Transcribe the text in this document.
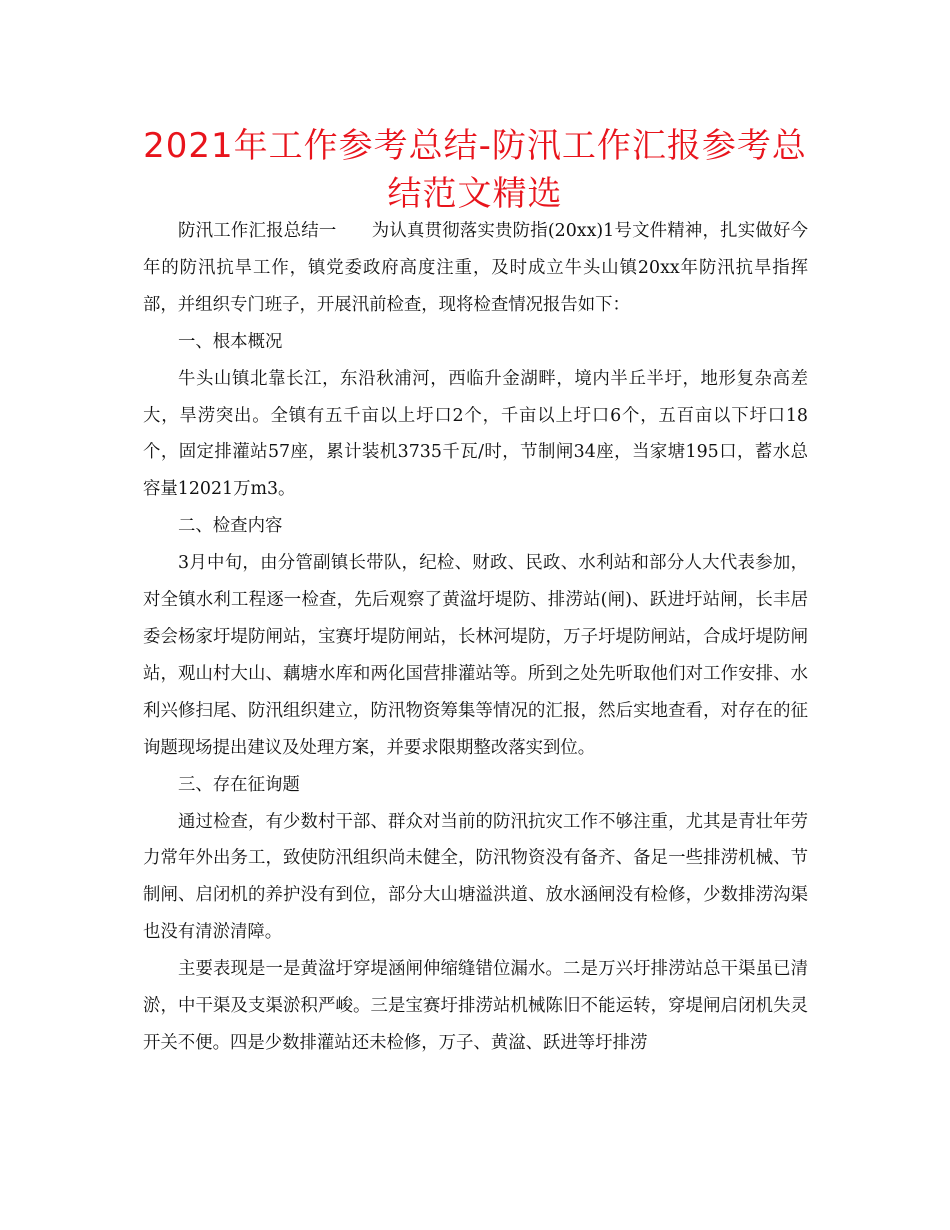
2021年工作参考总结-防汛工作汇报参考总结范文精选

防汛工作汇报总结一　　为认真贯彻落实贵防指(20xx)1号文件精神，扎实做好今年的防汛抗旱工作，镇党委政府高度注重，及时成立牛头山镇20xx年防汛抗旱指挥部，并组织专门班子，开展汛前检查，现将检查情况报告如下：

一、根本概况

牛头山镇北靠长江，东沿秋浦河，西临升金湖畔，境内半丘半圩，地形复杂高差大，旱涝突出。全镇有五千亩以上圩口2个，千亩以上圩口6个，五百亩以下圩口18个，固定排灌站57座，累计装机3735千瓦/时，节制闸34座，当家塘195口，蓄水总容量12021万m3。

二、检查内容

3月中旬，由分管副镇长带队，纪检、财政、民政、水利站和部分人大代表参加，对全镇水利工程逐一检查，先后观察了黄湓圩堤防、排涝站(闸)、跃进圩站闸，长丰居委会杨家圩堤防闸站，宝赛圩堤防闸站，长林河堤防，万子圩堤防闸站，合成圩堤防闸站，观山村大山、藕塘水库和两化国营排灌站等。所到之处先听取他们对工作安排、水利兴修扫尾、防汛组织建立，防汛物资筹集等情况的汇报，然后实地查看，对存在的征询题现场提出建议及处理方案，并要求限期整改落实到位。

三、存在征询题

通过检查，有少数村干部、群众对当前的防汛抗灾工作不够注重，尤其是青壮年劳力常年外出务工，致使防汛组织尚未健全，防汛物资没有备齐、备足一些排涝机械、节制闸、启闭机的养护没有到位，部分大山塘溢洪道、放水涵闸没有检修，少数排涝沟渠也没有清淤清障。

主要表现是一是黄湓圩穿堤涵闸伸缩缝错位漏水。二是万兴圩排涝站总干渠虽已清淤，中干渠及支渠淤积严峻。三是宝赛圩排涝站机械陈旧不能运转，穿堤闸启闭机失灵开关不便。四是少数排灌站还未检修，万子、黄湓、跃进等圩排涝
